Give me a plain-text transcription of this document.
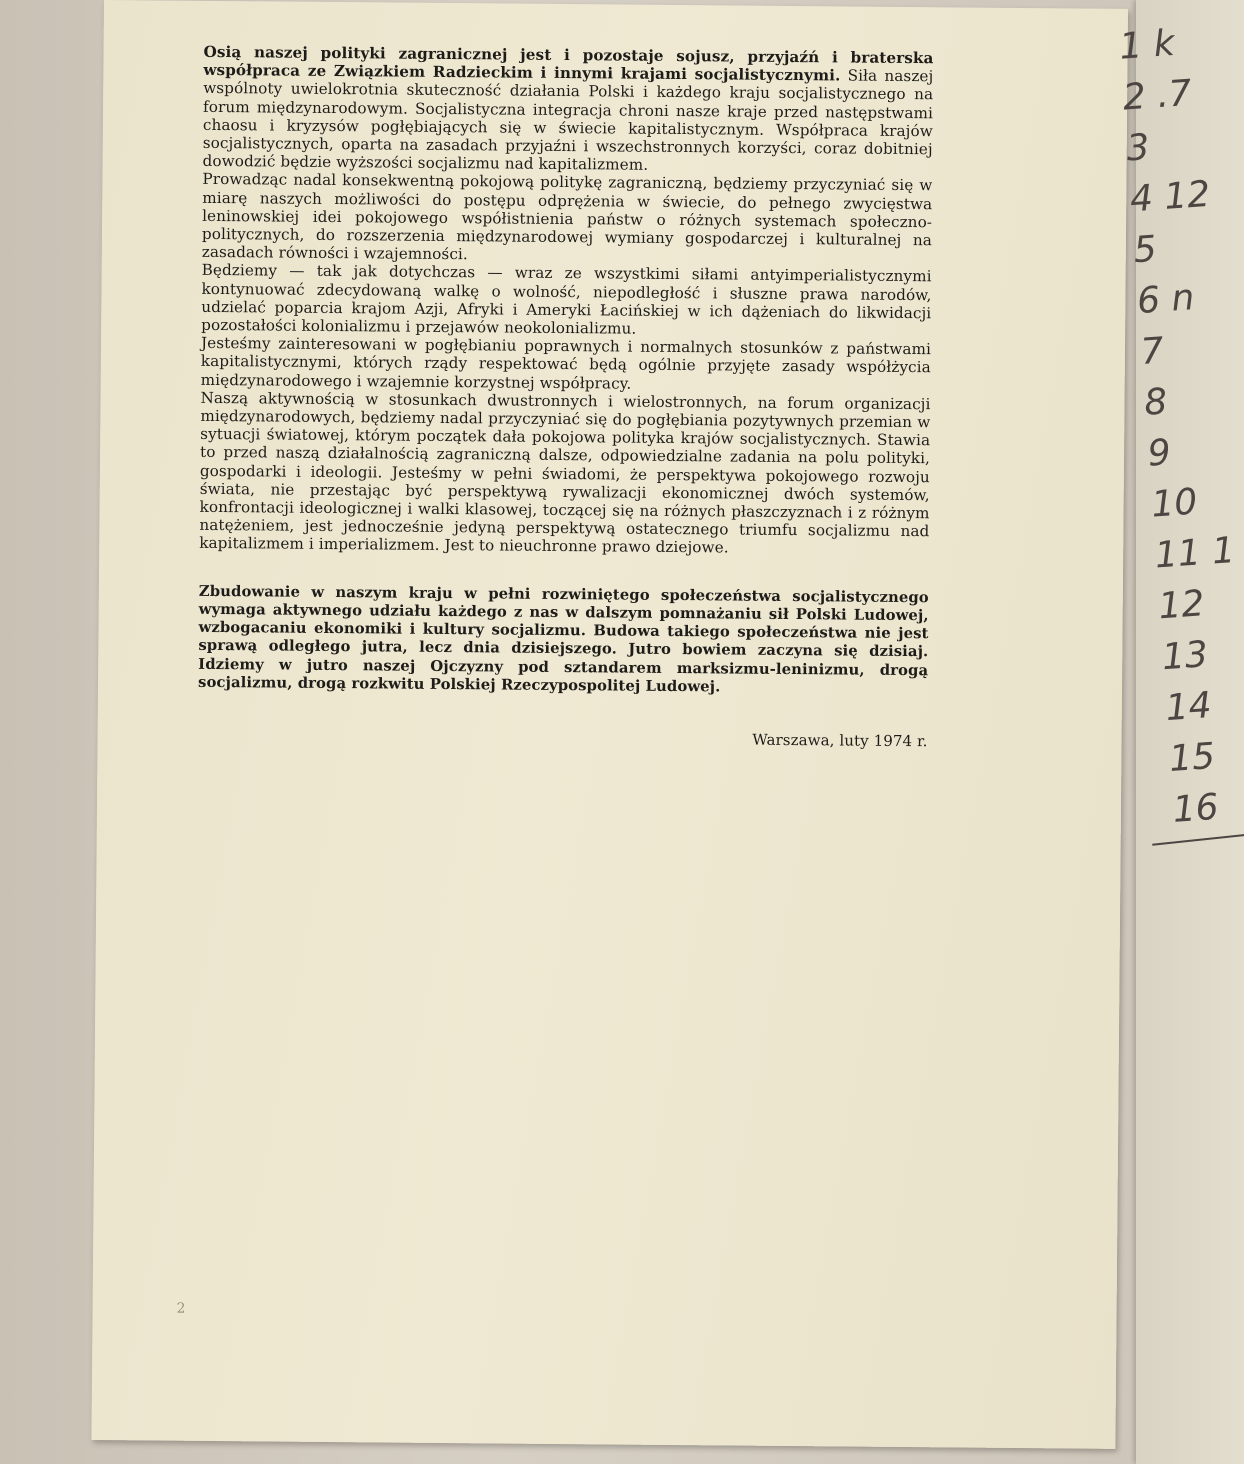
Osią naszej polityki zagranicznej jest i pozostaje sojusz, przyjaźń i braterska współpraca ze Związkiem Radzieckim i innymi krajami socjalistycznymi. Siła naszej wspólnoty uwielokrotnia skuteczność działania Polski i każdego kraju socjalistycznego na forum międzynarodowym. Socjalistyczna integracja chroni nasze kraje przed następstwami chaosu i kryzysów pogłębiających się w świecie kapitalistycznym. Współpraca krajów socjalistycznych, oparta na zasadach przyjaźni i wszechstronnych korzyści, coraz dobitniej dowodzić będzie wyższości socjalizmu nad kapitalizmem.

Prowadząc nadal konsekwentną pokojową politykę zagraniczną, będziemy przyczyniać się w miarę naszych możliwości do postępu odprężenia w świecie, do pełnego zwycięstwa leninowskiej idei pokojowego współistnienia państw o różnych systemach społeczno-politycznych, do rozszerzenia międzynarodowej wymiany gospodarczej i kulturalnej na zasadach równości i wzajemności.

Będziemy — tak jak dotychczas — wraz ze wszystkimi siłami antyimperialistycznymi kontynuować zdecydowaną walkę o wolność, niepodległość i słuszne prawa narodów, udzielać poparcia krajom Azji, Afryki i Ameryki Łacińskiej w ich dążeniach do likwidacji pozostałości kolonializmu i przejawów neokolonializmu.

Jesteśmy zainteresowani w pogłębianiu poprawnych i normalnych stosunków z państwami kapitalistycznymi, których rządy respektować będą ogólnie przyjęte zasady współżycia międzynarodowego i wzajemnie korzystnej współpracy.

Naszą aktywnością w stosunkach dwustronnych i wielostronnych, na forum organizacji międzynarodowych, będziemy nadal przyczyniać się do pogłębiania pozytywnych przemian w sytuacji światowej, którym początek dała pokojowa polityka krajów socjalistycznych. Stawia to przed naszą działalnością zagraniczną dalsze, odpowiedzialne zadania na polu polityki, gospodarki i ideologii. Jesteśmy w pełni świadomi, że perspektywa pokojowego rozwoju świata, nie przestając być perspektywą rywalizacji ekonomicznej dwóch systemów, konfrontacji ideologicznej i walki klasowej, toczącej się na różnych płaszczyznach i z różnym natężeniem, jest jednocześnie jedyną perspektywą ostatecznego triumfu socjalizmu nad kapitalizmem i imperializmem. Jest to nieuchronne prawo dziejowe.

Zbudowanie w naszym kraju w pełni rozwiniętego społeczeństwa socjalistycznego wymaga aktywnego udziału każdego z nas w dalszym pomnażaniu sił Polski Ludowej, wzbogacaniu ekonomiki i kultury socjalizmu. Budowa takiego społeczeństwa nie jest sprawą odległego jutra, lecz dnia dzisiejszego. Jutro bowiem zaczyna się dzisiaj. Idziemy w jutro naszej Ojczyzny pod sztandarem marksizmu-leninizmu, drogą socjalizmu, drogą rozkwitu Polskiej Rzeczypospolitej Ludowej.

Warszawa, luty 1974 r.

2
1 k
2 .7
3
4 12
5
6 n
7
8
9
10
11 1
12
13
14
15
16
